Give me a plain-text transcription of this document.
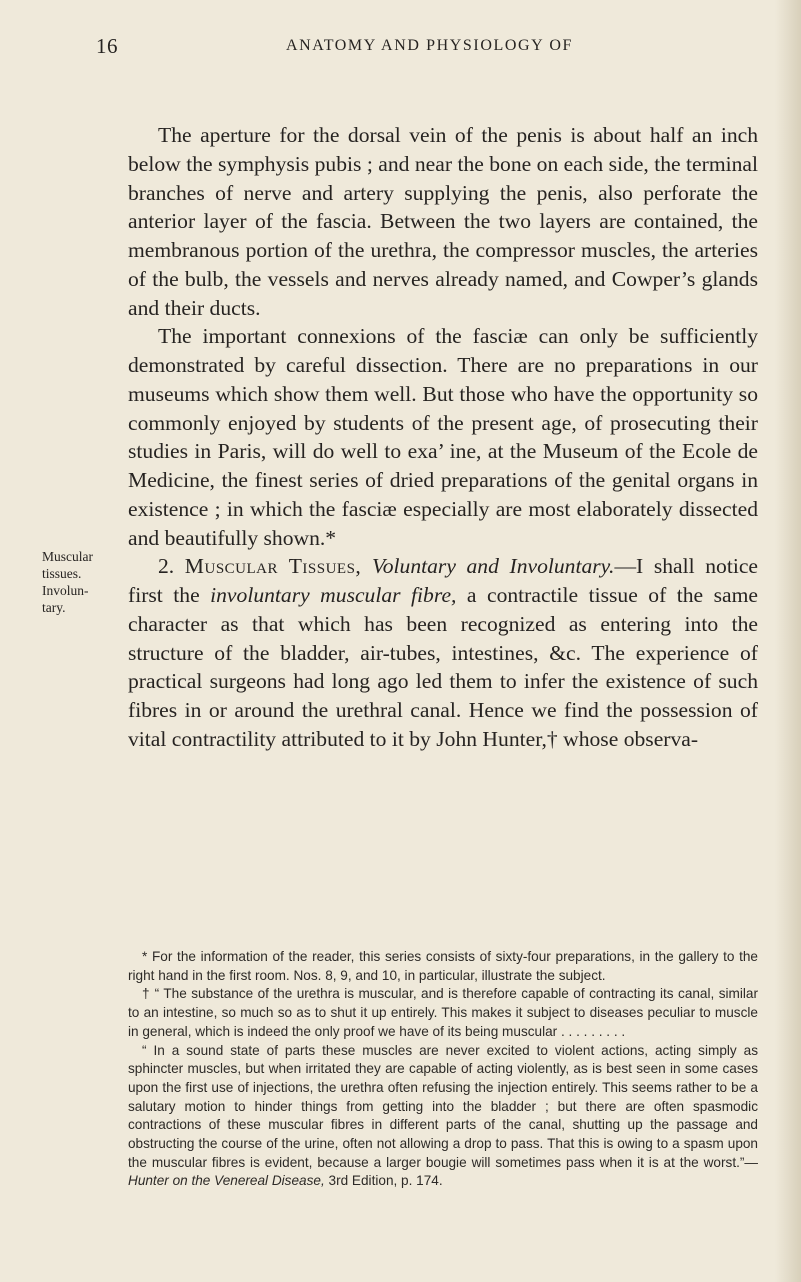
16	ANATOMY AND PHYSIOLOGY OF
Muscular
tissues.
Involun-
tary.

The aperture for the dorsal vein of the penis is about half an inch below the symphysis pubis ; and near the bone on each side, the terminal branches of nerve and artery supplying the penis, also perforate the anterior layer of the fascia. Between the two layers are contained, the membranous portion of the urethra, the compressor muscles, the arteries of the bulb, the vessels and nerves already named, and Cowper’s glands and their ducts.

The important connexions of the fasciæ can only be sufficiently demonstrated by careful dissection. There are no preparations in our museums which show them well. But those who have the opportunity so commonly enjoyed by students of the present age, of prosecuting their studies in Paris, will do well to exa’ ine, at the Museum of the Ecole de Medicine, the finest series of dried preparations of the genital organs in existence ; in which the fasciæ especially are most elaborately dissected and beautifully shown.*

2. Muscular Tissues, Voluntary and Involuntary.—I shall notice first the involuntary muscular fibre, a contractile tissue of the same character as that which has been recognized as entering into the structure of the bladder, air-tubes, intestines, &c. The experience of practical surgeons had long ago led them to infer the existence of such fibres in or around the urethral canal. Hence we find the possession of vital contractility attributed to it by John Hunter,† whose observa-

* For the information of the reader, this series consists of sixty-four preparations, in the gallery to the right hand in the first room. Nos. 8, 9, and 10, in particular, illustrate the subject.

† “ The substance of the urethra is muscular, and is therefore capable of contracting its canal, similar to an intestine, so much so as to shut it up entirely. This makes it subject to diseases peculiar to muscle in general, which is indeed the only proof we have of its being muscular . . . . . . . . .

“ In a sound state of parts these muscles are never excited to violent actions, acting simply as sphincter muscles, but when irritated they are capable of acting violently, as is best seen in some cases upon the first use of injections, the urethra often refusing the injection entirely. This seems rather to be a salutary motion to hinder things from getting into the bladder ; but there are often spasmodic contractions of these muscular fibres in different parts of the canal, shutting up the passage and obstructing the course of the urine, often not allowing a drop to pass. That this is owing to a spasm upon the muscular fibres is evident, because a larger bougie will sometimes pass when it is at the worst.”—Hunter on the Venereal Disease, 3rd Edition, p. 174.
